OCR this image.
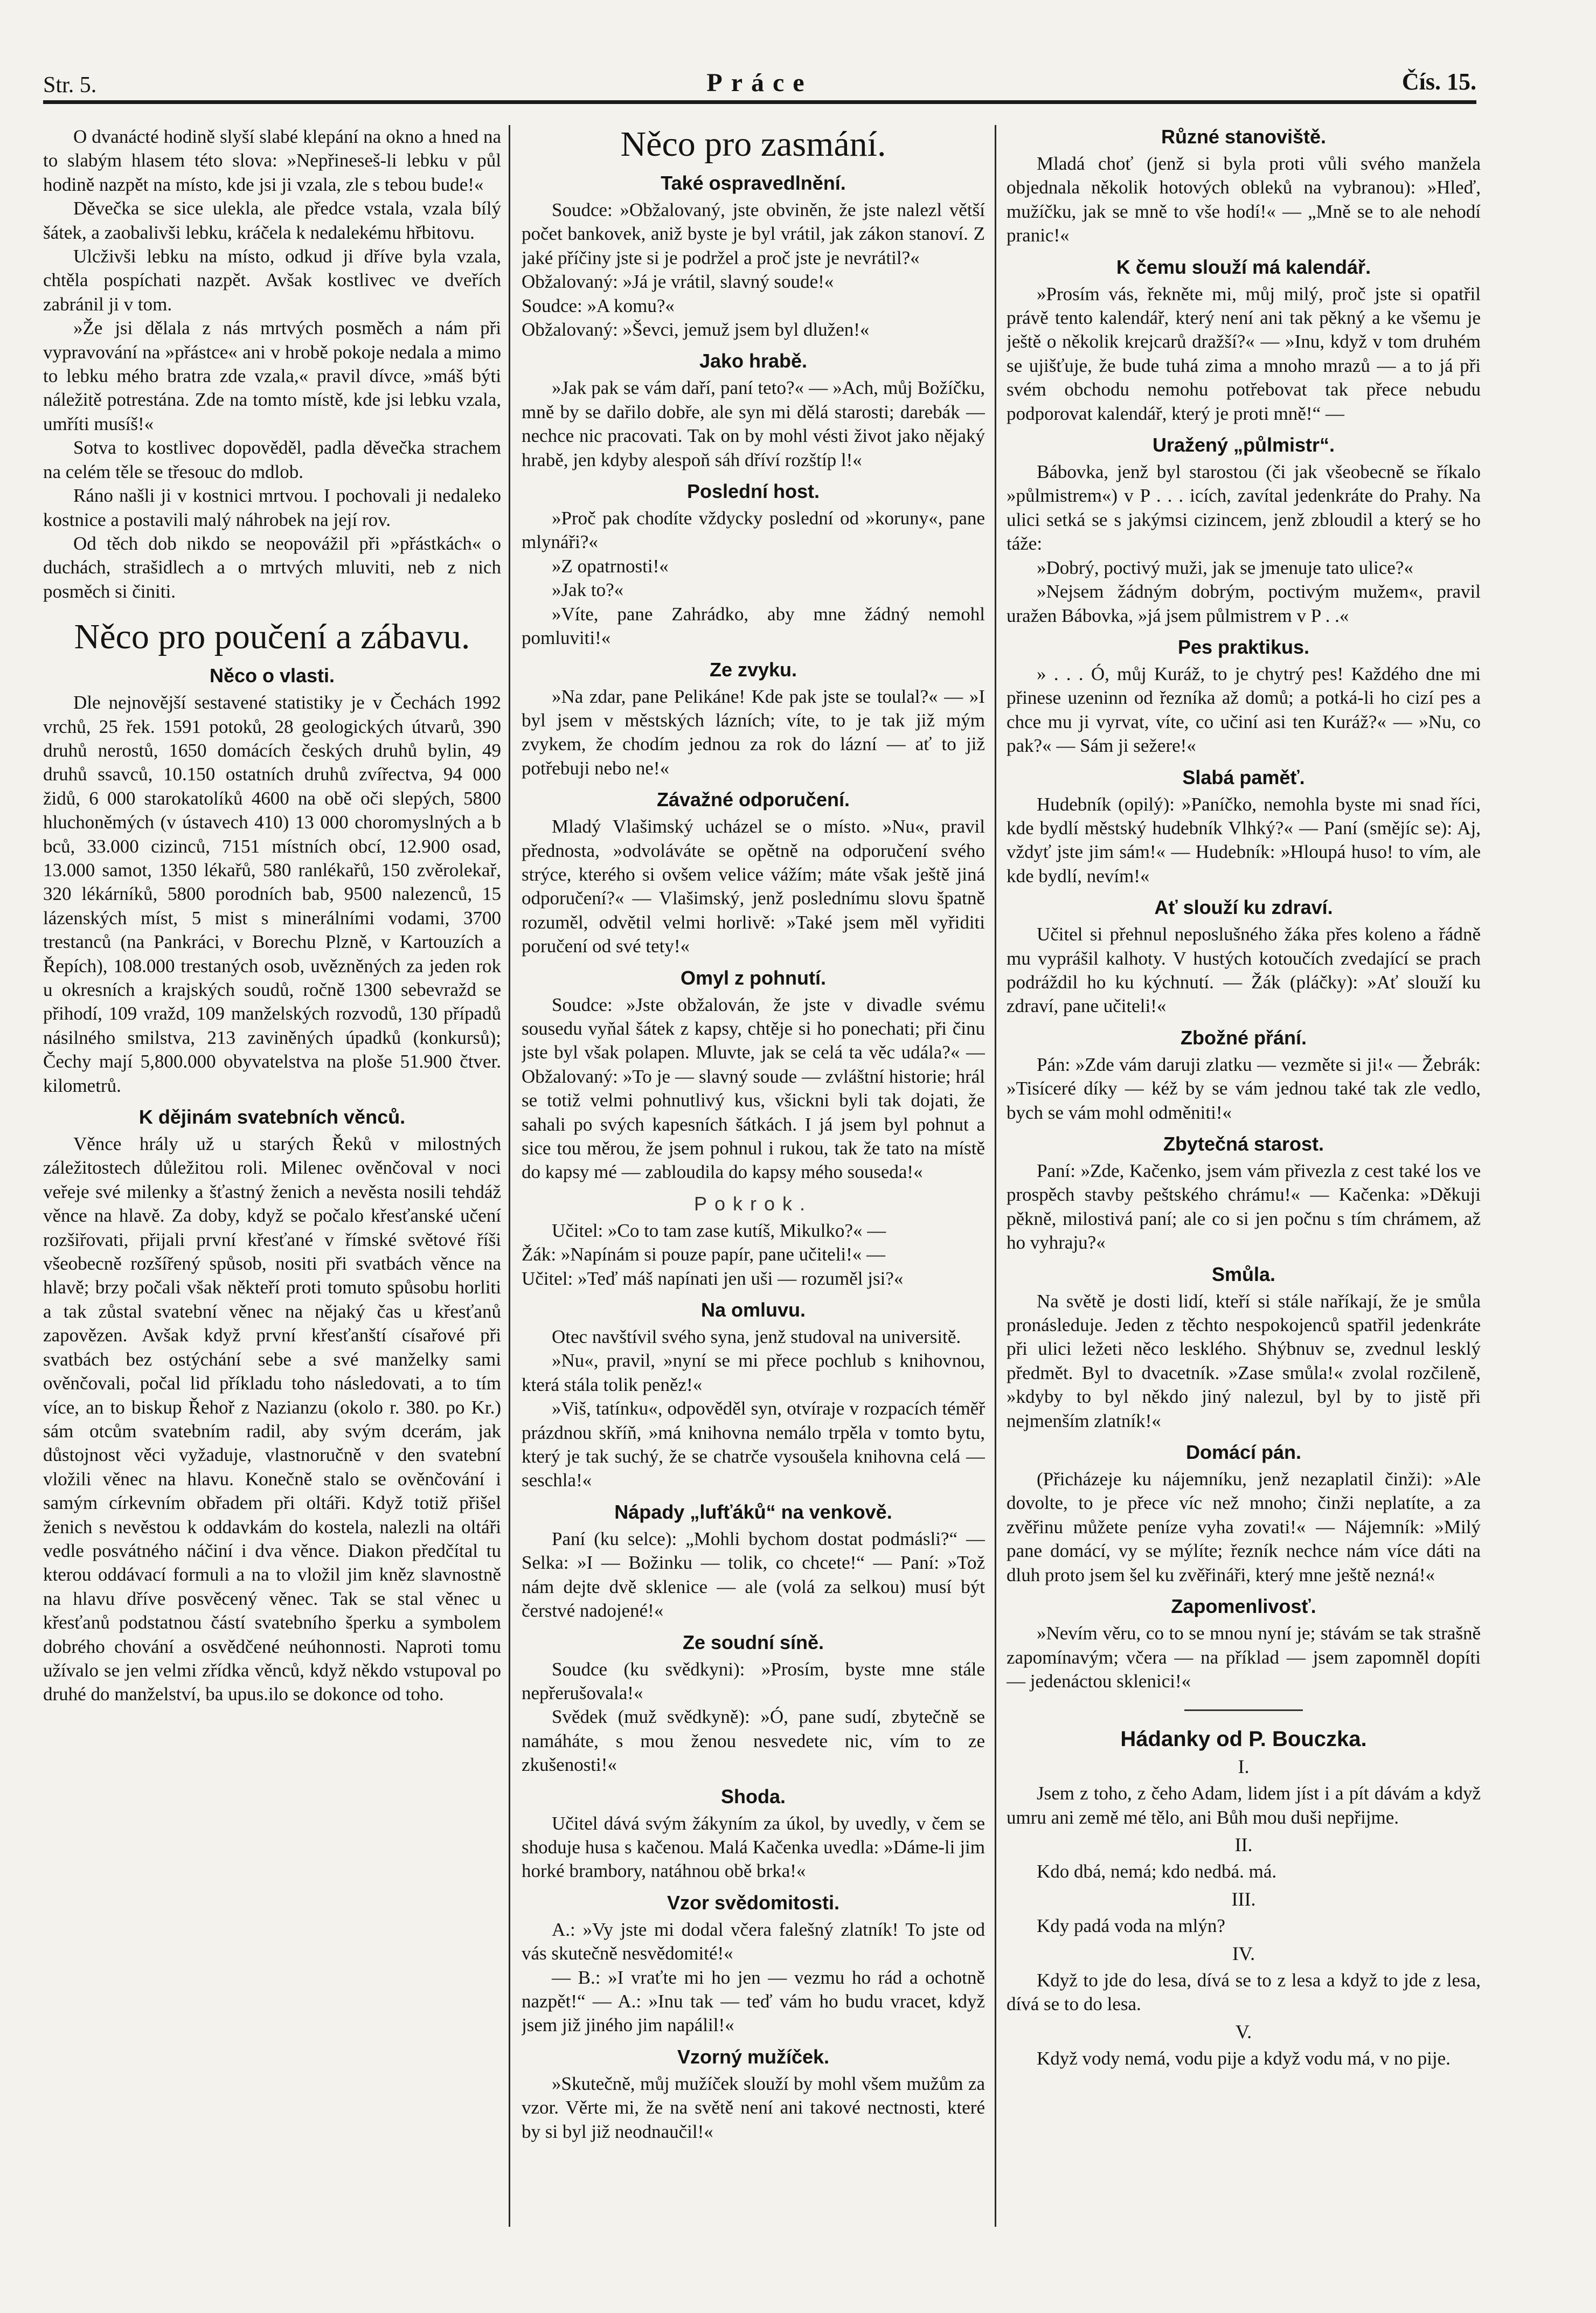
Str. 5.	Práce	Čís. 15.

O dvanácté hodině slyší slabé klepání na okno a hned na to slabým hlasem této slova: »Nepřineseš-li lebku v půl hodině nazpět na místo, kde jsi ji vzala, zle s tebou bude!«

Děvečka se sice ulekla, ale předce vstala, vzala bílý šátek, a zaobalivši lebku, kráčela k nedalekému hřbitovu.

Ulcživši lebku na místo, odkud ji dříve byla vzala, chtěla pospíchati nazpět. Avšak kostlivec ve dveřích zabránil ji v tom.

»Že jsi dělala z nás mrtvých posměch a nám při vypravování na »přástce« ani v hrobě pokoje nedala a mimo to lebku mého bratra zde vzala,« pravil dívce, »máš býti náležitě potrestána. Zde na tomto místě, kde jsi lebku vzala, umříti musíš!«

Sotva to kostlivec dopověděl, padla děvečka strachem na celém těle se třesouc do mdlob.

Ráno našli ji v kostnici mrtvou. I pochovali ji nedaleko kostnice a postavili malý náhrobek na její rov.

Od těch dob nikdo se neopovážil při »přástkách« o duchách, strašidlech a o mrtvých mluviti, neb z nich posměch si činiti.

Něco pro poučení a zábavu.
Něco o vlasti.

Dle nejnovější sestavené statistiky je v Čechách 1992 vrchů, 25 řek. 1591 potoků, 28 geologických útvarů, 390 druhů nerostů, 1650 domácích českých druhů bylin, 49 druhů ssavců, 10.150 ostatních druhů zvířectva, 94 000 židů, 6 000 starokatolíků 4600 na obě oči slepých, 5800 hluchoněmých (v ústavech 410) 13 000 choromyslných a b bců, 33.000 cizinců, 7151 místních obcí, 12.900 osad, 13.000 samot, 1350 lékařů, 580 ranlékařů, 150 zvěrolekař, 320 lékárníků, 5800 porodních bab, 9500 nalezenců, 15 lázenských míst, 5 mist s minerálními vodami, 3700 trestanců (na Pankráci, v Borechu Plzně, v Kartouzích a Řepích), 108.000 trestaných osob, uvězněných za jeden rok u okresních a krajských soudů, ročně 1300 sebevražd se přihodí, 109 vražd, 109 manželských rozvodů, 130 případů násilného smilstva, 213 zaviněných úpadků (konkursů); Čechy mají 5,800.000 obyvatelstva na ploše 51.900 čtver. kilometrů.

K dějinám svatebních věnců.

Věnce hrály už u starých Řeků v milostných záležitostech důležitou roli. Milenec ověnčoval v noci veřeje své milenky a šťastný ženich a nevěsta nosili tehdáž věnce na hlavě. Za doby, když se počalo křesťanské učení rozšiřovati, přijali první křesťané v římské světové říši všeobecně rozšířený spůsob, nositi při svatbách věnce na hlavě; brzy počali však někteří proti tomuto spůsobu horliti a tak zůstal svatební věnec na nějaký čas u křesťanů zapovězen. Avšak když první křesťanští císařové při svatbách bez ostýchání sebe a své manželky sami ověnčovali, počal lid příkladu toho následovati, a to tím více, an to biskup Řehoř z Nazianzu (okolo r. 380. po Kr.) sám otcům svatebním radil, aby svým dcerám, jak důstojnost věci vyžaduje, vlastnoručně v den svatební vložili věnec na hlavu. Konečně stalo se ověnčování i samým církevním obřadem při oltáři. Když totiž přišel ženich s nevěstou k oddavkám do kostela, nalezli na oltáři vedle posvátného náčiní i dva věnce. Diakon předčítal tu kterou oddávací formuli a na to vložil jim kněz slavnostně na hlavu dříve posvěcený věnec. Tak se stal věnec u křesťanů podstatnou částí svatebního šperku a symbolem dobrého chování a osvědčené neúhonnosti. Naproti tomu užívalo se jen velmi zřídka věnců, když někdo vstupoval po druhé do manželství, ba upus.ilo se dokonce od toho.

Něco pro zasmání.
Také ospravedlnění.

Soudce: »Obžalovaný, jste obviněn, že jste nalezl větší počet bankovek, aniž byste je byl vrátil, jak zákon stanoví. Z jaké příčiny jste si je podržel a proč jste je nevrátil?«

Obžalovaný: »Já je vrátil, slavný soude!«

Soudce: »A komu?«

Obžalovaný: »Ševci, jemuž jsem byl dlužen!«

Jako hrabě.

»Jak pak se vám daří, paní teto?« — »Ach, můj Božíčku, mně by se dařilo dobře, ale syn mi dělá starosti; darebák — nechce nic pracovati. Tak on by mohl vésti život jako nějaký hrabě, jen kdyby alespoň sáh dříví rozštíp l!«

Poslední host.

»Proč pak chodíte vždycky poslední od »koruny«, pane mlynáři?«

»Z opatrnosti!«

»Jak to?«

»Víte, pane Zahrádko, aby mne žádný nemohl pomluviti!«

Ze zvyku.

»Na zdar, pane Pelikáne! Kde pak jste se toulal?« — »I byl jsem v městských lázních; víte, to je tak již mým zvykem, že chodím jednou za rok do lázní — ať to již potřebuji nebo ne!«

Závažné odporučení.

Mladý Vlašimský ucházel se o místo. »Nu«, pravil přednosta, »odvoláváte se opětně na odporučení svého strýce, kterého si ovšem velice vážím; máte však ještě jiná odporučení?« — Vlašimský, jenž poslednímu slovu špatně rozuměl, odvětil velmi horlivě: »Také jsem měl vyřiditi poručení od své tety!«

Omyl z pohnutí.

Soudce: »Jste obžalován, že jste v divadle svému sousedu vyňal šátek z kapsy, chtěje si ho ponechati; při činu jste byl však polapen. Mluvte, jak se celá ta věc udála?« — Obžalovaný: »To je — slavný soude — zvláštní historie; hrál se totiž velmi pohnutlivý kus, všickni byli tak dojati, že sahali po svých kapesních šátkách. I já jsem byl pohnut a sice tou měrou, že jsem pohnul i rukou, tak že tato na místě do kapsy mé — zabloudila do kapsy mého souseda!«

Pokrok.

Učitel: »Co to tam zase kutíš, Mikulko?« —

Žák: »Napínám si pouze papír, pane učiteli!« —

Učitel: »Teď máš napínati jen uši — rozuměl jsi?«

Na omluvu.

Otec navštívil svého syna, jenž studoval na universitě.

»Nu«, pravil, »nyní se mi přece pochlub s knihovnou, která stála tolik peněz!«

»Viš, tatínku«, odpověděl syn, otvíraje v rozpacích téměř prázdnou skříň, »má knihovna nemálo trpěla v tomto bytu, který je tak suchý, že se chatrče vysoušela knihovna celá — seschla!«

Nápady „lufťáků“ na venkově.

Paní (ku selce): „Mohli bychom dostat podmásli?“ — Selka: »I — Božinku — tolik, co chcete!“ — Paní: »Tož nám dejte dvě sklenice — ale (volá za selkou) musí být čerstvé nadojené!«

Ze soudní síně.

Soudce (ku svědkyni): »Prosím, byste mne stále nepřerušovala!«

Svědek (muž svědkyně): »Ó, pane sudí, zbytečně se namáháte, s mou ženou nesvedete nic, vím to ze zkušenosti!«

Shoda.

Učitel dává svým žákyním za úkol, by uvedly, v čem se shoduje husa s kačenou. Malá Kačenka uvedla: »Dáme-li jim horké brambory, natáhnou obě brka!«

Vzor svědomitosti.

A.: »Vy jste mi dodal včera falešný zlatník! To jste od vás skutečně nesvědomité!«

— B.: »I vraťte mi ho jen — vezmu ho rád a ochotně nazpět!“ — A.: »Inu tak — teď vám ho budu vracet, když jsem již jiného jim napálil!«

Vzorný mužíček.

»Skutečně, můj mužíček slouží by mohl všem mužům za vzor. Věrte mi, že na světě není ani takové nectnosti, které by si byl již neodnaučil!«

Různé stanoviště.

Mladá choť (jenž si byla proti vůli svého manžela objednala několik hotových obleků na vybranou): »Hleď, mužíčku, jak se mně to vše hodí!« — „Mně se to ale nehodí pranic!«

K čemu slouží má kalendář.

»Prosím vás, řekněte mi, můj milý, proč jste si opatřil právě tento kalendář, který není ani tak pěkný a ke všemu je ještě o několik krejcarů dražší?« — »Inu, když v tom druhém se ujišťuje, že bude tuhá zima a mnoho mrazů — a to já při svém obchodu nemohu potřebovat tak přece nebudu podporovat kalendář, který je proti mně!“ —

Uražený „půlmistr“.

Bábovka, jenž byl starostou (či jak všeobecně se říkalo »půlmistrem«) v P . . . icích, zavítal jedenkráte do Prahy. Na ulici setká se s jakýmsi cizincem, jenž zbloudil a který se ho táže:

»Dobrý, poctivý muži, jak se jmenuje tato ulice?«

»Nejsem žádným dobrým, poctivým mužem«, pravil uražen Bábovka, »já jsem půlmistrem v P . .«

Pes praktikus.

» . . . Ó, můj Kuráž, to je chytrý pes! Každého dne mi přinese uzeninn od řezníka až domů; a potká-li ho cizí pes a chce mu ji vyrvat, víte, co učiní asi ten Kuráž?« — »Nu, co pak?« — Sám ji sežere!«

Slabá paměť.

Hudebník (opilý): »Paníčko, nemohla byste mi snad říci, kde bydlí městský hudebník Vlhký?« — Paní (smějíc se): Aj, vždyť jste jim sám!« — Hudebník: »Hloupá huso! to vím, ale kde bydlí, nevím!«

Ať slouží ku zdraví.

Učitel si přehnul neposlušného žáka přes koleno a řádně mu vyprášil kalhoty. V hustých kotoučích zvedající se prach podráždil ho ku kýchnutí. — Žák (pláčky): »Ať slouží ku zdraví, pane učiteli!«

Zbožné přání.

Pán: »Zde vám daruji zlatku — vezměte si ji!« — Žebrák: »Tisíceré díky — kéž by se vám jednou také tak zle vedlo, bych se vám mohl odměniti!«

Zbytečná starost.

Paní: »Zde, Kačenko, jsem vám přivezla z cest také los ve prospěch stavby peštského chrámu!« — Kačenka: »Děkuji pěkně, milostivá paní; ale co si jen počnu s tím chrámem, až ho vyhraju?«

Smůla.

Na světě je dosti lidí, kteří si stále naříkají, že je smůla pronásleduje. Jeden z těchto nespokojenců spatřil jedenkráte při ulici ležeti něco lesklého. Shýbnuv se, zvednul lesklý předmět. Byl to dvacetník. »Zase smůla!« zvolal rozčileně, »kdyby to byl někdo jiný nalezul, byl by to jistě při nejmenším zlatník!«

Domácí pán.

(Přicházeje ku nájemníku, jenž nezaplatil činži): »Ale dovolte, to je přece víc než mnoho; činži neplatíte, a za zvěřinu můžete peníze vyha zovati!« — Nájemník: »Milý pane domácí, vy se mýlíte; řezník nechce nám více dáti na dluh proto jsem šel ku zvěřináři, který mne ještě nezná!«

Zapomenlivosť.

»Nevím věru, co to se mnou nyní je; stávám se tak strašně zapomínavým; včera — na příklad — jsem zapomněl dopíti — jedenáctou sklenici!«

Hádanky od P. Bouczka.
I.

Jsem z toho, z čeho Adam, lidem jíst i a pít dávám a když umru ani země mé tělo, ani Bůh mou duši nepřijme.

II.

Kdo dbá, nemá; kdo nedbá. má.

III.

Kdy padá voda na mlýn?

IV.

Když to jde do lesa, dívá se to z lesa a když to jde z lesa, dívá se to do lesa.

V.

Když vody nemá, vodu pije a když vodu má, v no pije.
